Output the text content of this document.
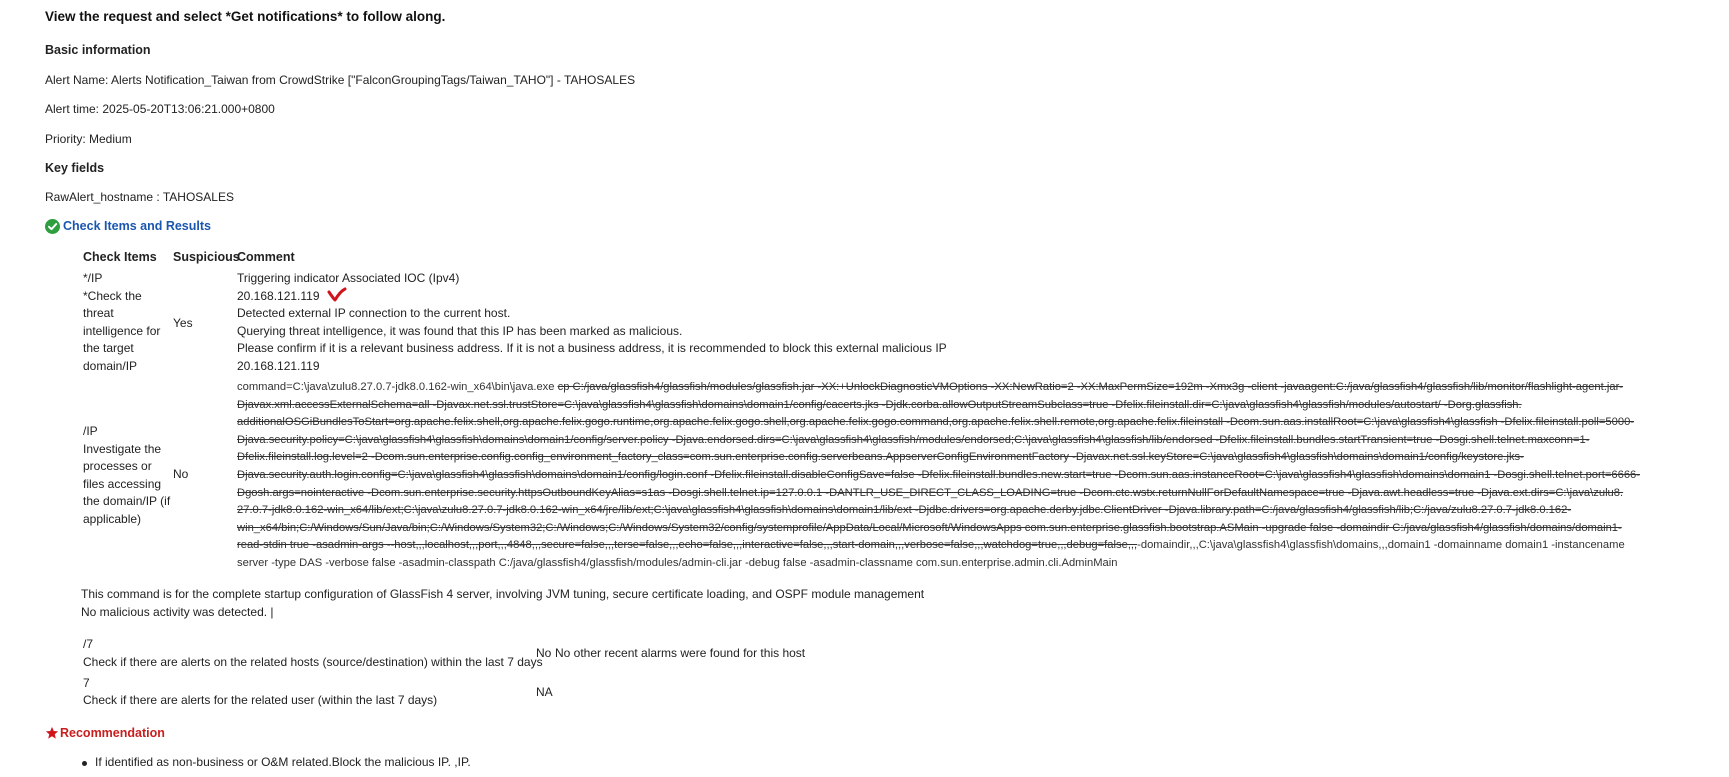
View the request and select *Get notifications* to follow along.
Basic information
Alert Name: Alerts Notification_Taiwan from CrowdStrike ["FalconGroupingTags/Taiwan_TAHO"] - TAHOSALES
Alert time: 2025-05-20T13:06:21.000+0800
Priority: Medium
Key fields
RawAlert_hostname : TAHOSALES
Check Items and Results
Check Items Suspicious
Comment
*/IP
*Check the
threat
intelligence for
the target
domain/IP
Yes
Triggering indicator Associated IOC (Ipv4)
20.168.121.119
Detected external IP connection to the current host.
Querying threat intelligence, it was found that this IP has been marked as malicious.
Please confirm if it is a relevant business address. If it is not a business address, it is recommended to block this external malicious IP
20.168.121.119
/IP
Investigate the
processes or
files accessing
the domain/IP (if
applicable)
No
command=C:\java\zulu8.27.0.7-jdk8.0.162-win_x64\bin\java.exe cp C:/java/glassfish4/glassfish/modules/glassfish.jar -XX:+UnlockDiagnosticVMOptions -XX:NewRatio=2 -XX:MaxPermSize=192m -Xmx3g -client -javaagent:C:/java/glassfish4/glassfish/lib/monitor/flashlight-agent.jar-
Djavax.xml.accessExternalSchema=all -Djavax.net.ssl.trustStore=C:\java\glassfish4\glassfish\domains\domain1/config/cacerts.jks -Djdk.corba.allowOutputStreamSubclass=true -Dfelix.fileinstall.dir=C:\java\glassfish4\glassfish/modules/autostart/ -Dorg.glassfish.
additionalOSGiBundlesToStart=org.apache.felix.shell,org.apache.felix.gogo.runtime,org.apache.felix.gogo.shell,org.apache.felix.gogo.command,org.apache.felix.shell.remote,org.apache.felix.fileinstall -Dcom.sun.aas.installRoot=C:\java\glassfish4\glassfish -Dfelix.fileinstall.poll=5000-
Djava.security.policy=C:\java\glassfish4\glassfish\domains\domain1/config/server.policy -Djava.endorsed.dirs=C:\java\glassfish4\glassfish/modules/endorsed;C:\java\glassfish4\glassfish/lib/endorsed -Dfelix.fileinstall.bundles.startTransient=true -Dosgi.shell.telnet.maxconn=1-
Dfelix.fileinstall.log.level=2 -Dcom.sun.enterprise.config.config_environment_factory_class=com.sun.enterprise.config.serverbeans.AppserverConfigEnvironmentFactory -Djavax.net.ssl.keyStore=C:\java\glassfish4\glassfish\domains\domain1/config/keystore.jks-
Djava.security.auth.login.config=C:\java\glassfish4\glassfish\domains\domain1/config/login.conf -Dfelix.fileinstall.disableConfigSave=false -Dfelix.fileinstall.bundles.new.start=true -Dcom.sun.aas.instanceRoot=C:\java\glassfish4\glassfish\domains\domain1 -Dosgi.shell.telnet.port=6666-
Dgosh.args=nointeractive -Dcom.sun.enterprise.security.httpsOutboundKeyAlias=s1as -Dosgi.shell.telnet.ip=127.0.0.1 -DANTLR_USE_DIRECT_CLASS_LOADING=true -Dcom.ctc.wstx.returnNullForDefaultNamespace=true -Djava.awt.headless=true -Djava.ext.dirs=C:\java\zulu8.
27.0.7-jdk8.0.162-win_x64/lib/ext;C:\java\zulu8.27.0.7-jdk8.0.162-win_x64/jre/lib/ext;C:\java\glassfish4\glassfish\domains\domain1/lib/ext -Djdbc.drivers=org.apache.derby.jdbc.ClientDriver -Djava.library.path=C:/java/glassfish4/glassfish/lib;C:/java/zulu8.27.0.7-jdk8.0.162-
win_x64/bin;C:/Windows/Sun/Java/bin;C:/Windows/System32;C:/Windows;C:/Windows/System32/config/systemprofile/AppData/Local/Microsoft/WindowsApps com.sun.enterprise.glassfish.bootstrap.ASMain -upgrade false -domaindir C:/java/glassfish4/glassfish/domains/domain1-
read-stdin true -asadmin-args --host,,,localhost,,,port,,,4848,,,secure=false,,,terse=false,,,echo=false,,,interactive=false,,,start-domain,,,verbose=false,,,watchdog=true,,,debug=false,,,-domaindir,,,C:\java\glassfish4\glassfish\domains,,,domain1 -domainname domain1 -instancename
server -type DAS -verbose false -asadmin-classpath C:/java/glassfish4/glassfish/modules/admin-cli.jar -debug false -asadmin-classname com.sun.enterprise.admin.cli.AdminMain
This command is for the complete startup configuration of GlassFish 4 server, involving JVM tuning, secure certificate loading, and OSPF module management
No malicious activity was detected. |
/7
Check if there are alerts on the related hosts (source/destination) within the last 7 days
No No other recent alarms were found for this host
7
Check if there are alerts for the related user (within the last 7 days)
NA
Recommendation
If identified as non-business or O&M related.Block the malicious IP. ,IP.
